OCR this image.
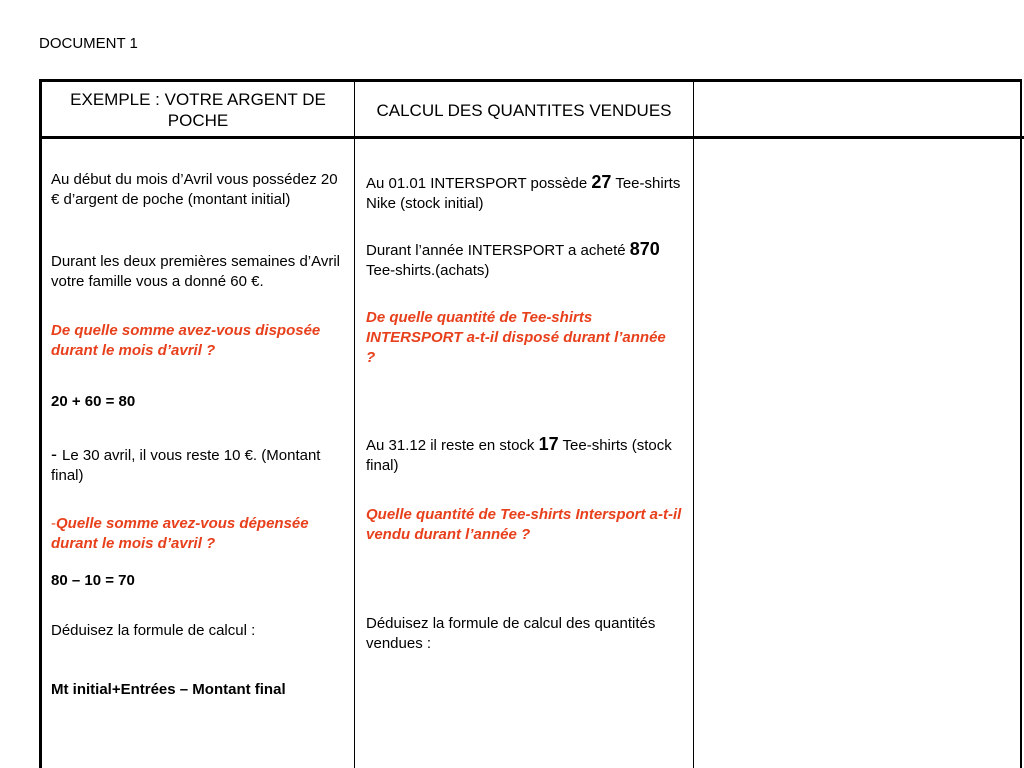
DOCUMENT 1
EXEMPLE : VOTRE ARGENT DE POCHE
CALCUL DES QUANTITES VENDUES

Au début du mois d’Avril vous possédez 20 € d’argent de poche (montant initial)

Durant les deux premières semaines d’Avril votre famille vous a donné 60 €.

De quelle somme avez-vous disposée durant le mois d’avril ?

20 + 60 = 80

- Le 30 avril, il vous reste 10 €. (Montant final)

-Quelle somme avez-vous dépensée durant le mois d’avril ?

80 – 10 = 70

Déduisez la formule de calcul :

Mt initial+Entrées – Montant final

Au 01.01 INTERSPORT possède 27 Tee-shirts Nike (stock initial)

Durant l’année INTERSPORT a acheté 870 Tee-shirts.(achats)

De quelle quantité de Tee-shirts INTERSPORT a-t-il disposé durant l’année ?

Au 31.12 il reste en stock 17 Tee-shirts (stock final)

Quelle quantité de Tee-shirts Intersport a-t-il vendu durant l’année ?

Déduisez la formule de calcul des quantités vendues :
